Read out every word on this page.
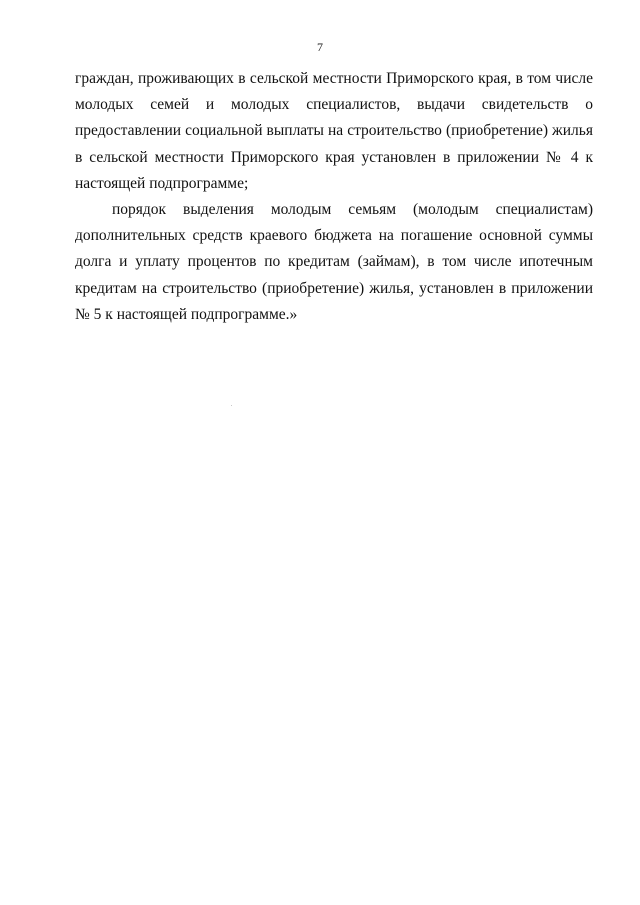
7

граждан, проживающих в сельской местности Приморского края, в том числе молодых семей и молодых специалистов, выдачи свидетельств о предоставлении социальной выплаты на строительство (приобретение) жилья в сельской местности Приморского края установлен в приложении № 4 к настоящей подпрограмме;

порядок выделения молодым семьям (молодым специалистам) дополнительных средств краевого бюджета на погашение основной суммы долга и уплату процентов по кредитам (займам), в том числе ипотечным кредитам на строительство (приобретение) жилья, установлен в приложении № 5 к настоящей подпрограмме.»
